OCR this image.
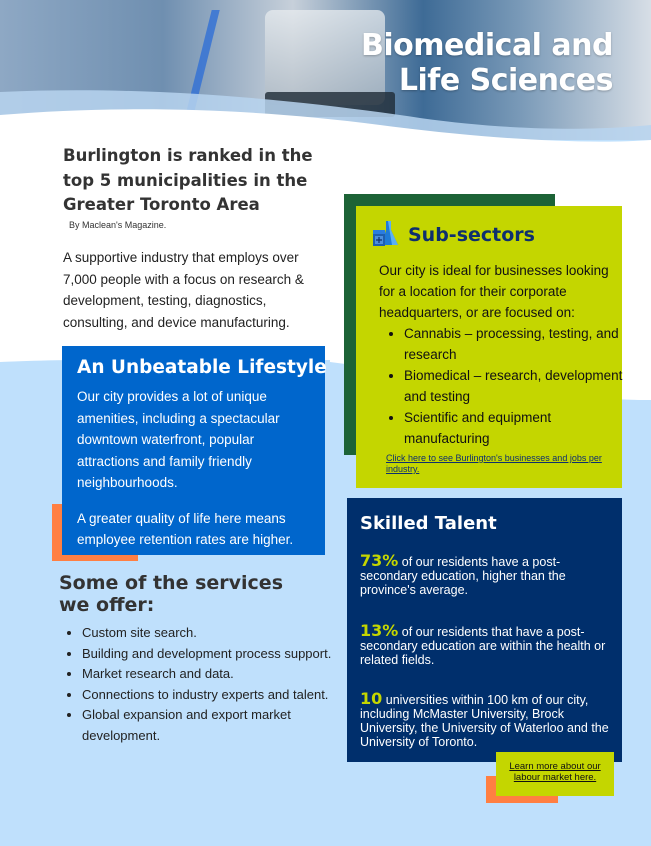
Biomedical and
Life Sciences
Burlington is ranked in the top 5 municipalities in the Greater Toronto Area
By Maclean's Magazine.
A supportive industry that employs over 7,000 people with a focus on research & development, testing, diagnostics, consulting, and device manufacturing.
Sub-sectors
Our city is ideal for businesses looking for a location for their corporate headquarters, or are focused on:
• Cannabis – processing, testing, and research
• Biomedical – research, development and testing
• Scientific and equipment manufacturing
Click here to see Burlington's businesses and jobs per industry.
An Unbeatable Lifestyle
Our city provides a lot of unique amenities, including a spectacular downtown waterfront, popular attractions and family friendly neighbourhoods.
A greater quality of life here means employee retention rates are higher.
Some of the services we offer:
• Custom site search.
• Building and development process support.
• Market research and data.
• Connections to industry experts and talent.
• Global expansion and export market development.
Skilled Talent
73% of our residents have a post-secondary education, higher than the province's average.
13% of our residents that have a post-secondary education are within the health or related fields.
10 universities within 100 km of our city, including McMaster University, Brock University, the University of Waterloo and the University of Toronto.
Learn more about our labour market here.
